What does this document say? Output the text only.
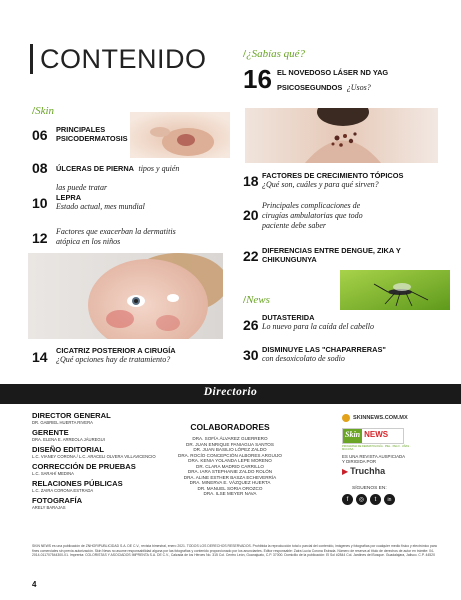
CONTENIDO
/Skin
06 PRINCIPALES
PSICODERMATOSIS
08 ÚLCERAS DE PIERNA tipos y quién
las puede tratar
10 LEPRA
Estado actual, mes mundial
12 Factores que exacerban la dermatitis
atópica en los niños
14 CICATRIZ POSTERIOR A CIRUGÍA
¿Qué opciones hay de tratamiento?
/¿Sabías qué?
16 EL NOVEDOSO LÁSER ND YAG
PSICOSEGUNDOS ¿Usos?
18 FACTORES DE CRECIMIENTO TÓPICOS
¿Qué son, cuáles y para qué sirven?
20
Principales complicaciones de
cirugías ambulatorias que todo
paciente debe saber
22 DIFERENCIAS ENTRE DENGUE, ZIKA Y
CHIKUNGUNYA
/News
26 DUTASTERIDA
Lo nuevo para la caída del cabello
30 DISMINUYE LAS "CHAPARRERAS"
con desoxicolato de sodio
Directorio
DIRECTOR GENERAL
DR. GABRIEL HUERTA RIVERA
GERENTE
DRA. ELENA E. ARREOLA JÁUREGUI
DISEÑO EDITORIAL
L.C. VIANEY CORONA / L.C. ARACELI OLVERA VILLAVICENCIO
CORRECCIÓN DE PRUEBAS
L.C. SARAHÍ MEDINA
RELACIONES PÚBLICAS
L.C. ZAIRA CORONA ESTRADA
FOTOGRAFÍA
ARELY BARAJAS
COLABORADORES
DRA. SOFÍA ÁLVAREZ GUERRERO
DR. JUAN ENRIQUE PANIAGUA SANTOS
DR. JUAN BASILIO LÓPEZ ZALDO
DRA. ROCÍO CONCEPCIÓN ALBORES ARGUIJO
DRA. KENIA YOLANDA LEPE MORENO
DR. CLARA MADRID CARRILLO
DRA. IARA STEPHANIE ZALDO ROLÓN
DRA. ALINE ESTHER BASZA ECHEVERRÍA
DRA. MINERVA E. VÁZQUEZ HUERTA
DR. MANUEL SORIA OROZCO
DRA. ILSE MEYER NAVA
SKINNEWS.COM.MX
Skin NEWS
PROGRAMA DE DERMATOLOGÍA · PIEL · PELO · UÑAS · MUCOSA
ES UNA REVISTA AUSPICIADA
Y DIRIGIDA POR
▶ Truchha
SÍGUENOS EN:
f	◎	t	in
SKIN NEWS es una publicación de ZNHORIPUBLICIDAD S.A. DE C.V., revista bimestral, enero 2021. TODOS LOS DERECHOS RESERVADOS. Prohibida la reproducción total o parcial del contenido, imágenes y fotografías por cualquier medio físico y electrónico para fines comerciales sin previa autorización. Skin News no asume responsabilidad alguna por las fotografías y contenido proporcionado por los anunciantes. Editor responsable: Zaira Lucía Corona Estrada. Número de reserva al título de derechos de autor en trámite: 04-2014-011707544300-01. Imprenta: COLORISTAS Y ASOCIADOS IMPRENTA S.A. DE C.V., Calzada de los Héroes No. 315 Col. Centro León, Guanajuato, C.P. 37000. Domicilio de la publicación: El Sol #2844 Col. Jardines del Bosque. Guadalajara, Jalisco. C.P. 44520
4
